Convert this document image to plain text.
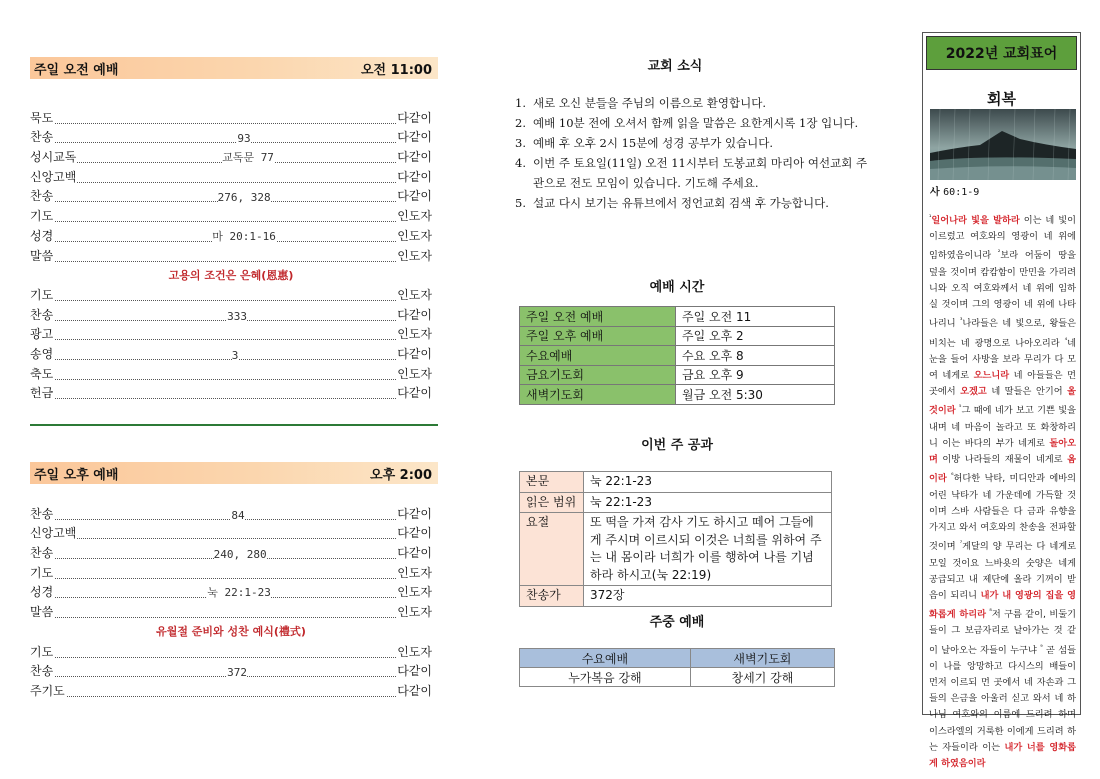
주일 오전 예배	오전 11:00
묵도	다같이
찬송	93	다같이
성시교독	교독문 77	다같이
신앙고백	다같이
찬송	276, 328	다같이
기도	인도자
성경	마 20:1-16	인도자
말씀	인도자
고용의 조건은 은혜(恩惠)
기도	인도자
찬송	333	다같이
광고	인도자
송영	3	다같이
축도	인도자
헌금	다같이
주일 오후 예배	오후 2:00
찬송	84	다같이
신앙고백	다같이
찬송	240, 280	다같이
기도	인도자
성경	눅 22:1-23	인도자
말씀	인도자
유월절 준비와 성찬 예식(禮式)
기도	인도자
찬송	372	다같이
주기도	다같이
교회 소식
1. 새로 오신 분들을 주님의 이름으로 환영합니다.
2. 예배 10분 전에 오셔서 함께 읽을 말씀은 요한계시록 1장 입니다.
3. 예배 후 오후 2시 15분에 성경 공부가 있습니다.
4. 이번 주 토요일(11일) 오전 11시부터 도봉교회 마리아 여선교회 주관으로 전도 모임이 있습니다. 기도해 주세요.
5. 설교 다시 보기는 유튜브에서 정언교회 검색 후 가능합니다.
예배 시간
주일 오전 예배	주일 오전 11
주일 오후 예배	주일 오후 2
수요예배	수요 오후 8
금요기도회	금요 오후 9
새벽기도회	월금 오전 5:30
이번 주 공과
본문	눅 22:1-23
읽은 범위	눅 22:1-23
요절	또 떡을 가져 감사 기도 하시고 떼어 그들에게 주시며 이르시되 이것은 너희를 위하여 주는 내 몸이라 너희가 이를 행하여 나를 기념하라 하시고(눅 22:19)
찬송가	372장
주중 예배
수요예배	새벽기도회
누가복음 강해	창세기 강해
2022년 교회표어
회복
사 60:1-9
$^{^1}$일어나라 빛을 발하라 이는 네 빛이 이르렀고 여호와의 영광이 네 위에 임하였음이니라 $^{^2}$보라 어둠이 땅을 덮을 것이며 캄캄함이 만민을 가리려니와 오직 여호와께서 네 위에 임하실 것이며 그의 영광이 네 위에 나타나리니 $^{^3}$나라들은 네 빛으로, 왕들은 비치는 네 광명으로 나아오리라 $^{^4}$네 눈을 들어 사방을 보라 무리가 다 모여 네게로 오느니라 네 아들들은 먼 곳에서 오겠고 네 딸들은 안기어 올 것이라 $^{^5}$그 때에 네가 보고 기쁜 빛을 내며 네 마음이 놀라고 또 화창하리니 이는 바다의 부가 네게로 돌아오며 이방 나라들의 재물이 네게로 옴이라 $^{^6}$허다한 낙타, 미디안과 에바의 어린 낙타가 네 가운데에 가득할 것이며 스바 사람들은 다 금과 유향을 가지고 와서 여호와의 찬송을 전파할 것이며 $^{^7}$게달의 양 무리는 다 네게로 모일 것이요 느바욧의 숫양은 네게 공급되고 내 제단에 올라 기꺼이 받음이 되리니 내가 내 영광의 집을 영화롭게 하리라 $^{^8}$저 구름 같이, 비둘기들이 그 보금자리로 날아가는 것 같이 날아오는 자들이 누구냐 $^{^9}$ 곧 섬들이 나를 앙망하고 다시스의 배들이 먼저 이르되 먼 곳에서 네 자손과 그들의 은금을 아울러 싣고 와서 네 하나님 여호와의 이름에 드리려 하며 이스라엘의 거룩한 이에게 드리려 하는 자들이라 이는 내가 너를 영화롭게 하였음이라
